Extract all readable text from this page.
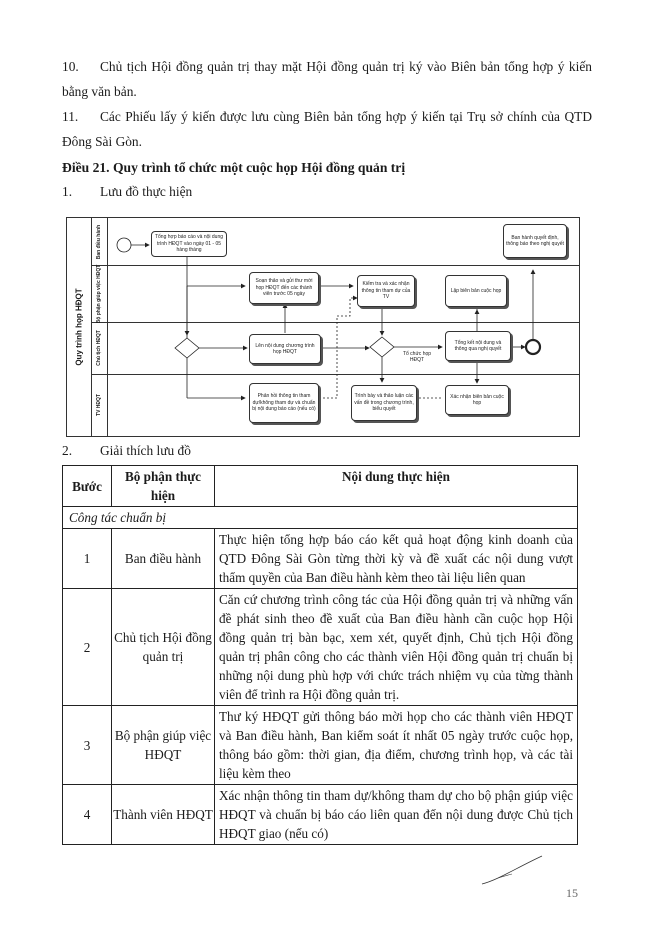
10. Chủ tịch Hội đồng quản trị thay mặt Hội đồng quản trị ký vào Biên bản tổng hợp ý kiến bằng văn bản.
11. Các Phiếu lấy ý kiến được lưu cùng Biên bản tổng hợp ý kiến tại Trụ sở chính của QTD Đông Sài Gòn.
Điều 21. Quy trình tổ chức một cuộc họp Hội đồng quản trị
1. Lưu đồ thực hiện
Quy trình họp HĐQT
Ban điều hành
Bộ phận giúp việc HĐQT
Chủ tịch HĐQT
TV HĐQT
Tổng hợp báo cáo và nội dung trình HĐQT vào ngày 01 - 05 hàng tháng
Soạn thảo và gửi thư mời họp HĐQT đến các thành viên trước 05 ngày
Kiểm tra và xác nhận thông tin tham dự của TV
Lập biên bản cuộc họp
Ban hành quyết định, thông báo theo nghị quyết
Lên nội dung chương trình họp HĐQT
Tổng kết nội dung và thông qua nghị quyết
Phản hồi thông tin tham dự/không tham dự và chuẩn bị nội dung báo cáo (nếu có)
Trình bày và thảo luận các vấn đề trong chương trình, biểu quyết
Xác nhận biên bản cuộc họp
Tổ chức họp HĐQT
2. Giải thích lưu đồ
Bước	Bộ phận thực hiện	Nội dung thực hiện
Công tác chuẩn bị		
1	Ban điều hành	Thực hiện tổng hợp báo cáo kết quả hoạt động kinh doanh của QTD Đông Sài Gòn từng thời kỳ và đề xuất các nội dung vượt thẩm quyền của Ban điều hành kèm theo tài liệu liên quan
2	Chủ tịch Hội đồng quản trị	Căn cứ chương trình công tác của Hội đồng quản trị và những vấn đề phát sinh theo đề xuất của Ban điều hành cần cuộc họp Hội đồng quản trị bàn bạc, xem xét, quyết định, Chủ tịch Hội đồng quản trị phân công cho các thành viên Hội đồng quản trị chuẩn bị những nội dung phù hợp với chức trách nhiệm vụ của từng thành viên để trình ra Hội đồng quản trị.
3	Bộ phận giúp việc HĐQT	Thư ký HĐQT gửi thông báo mời họp cho các thành viên HĐQT và Ban điều hành, Ban kiểm soát ít nhất 05 ngày trước cuộc họp, thông báo gồm: thời gian, địa điểm, chương trình họp, và các tài liệu kèm theo
4	Thành viên HĐQT	Xác nhận thông tin tham dự/không tham dự cho bộ phận giúp việc HĐQT và chuẩn bị báo cáo liên quan đến nội dung được Chủ tịch HĐQT giao (nếu có)
15
